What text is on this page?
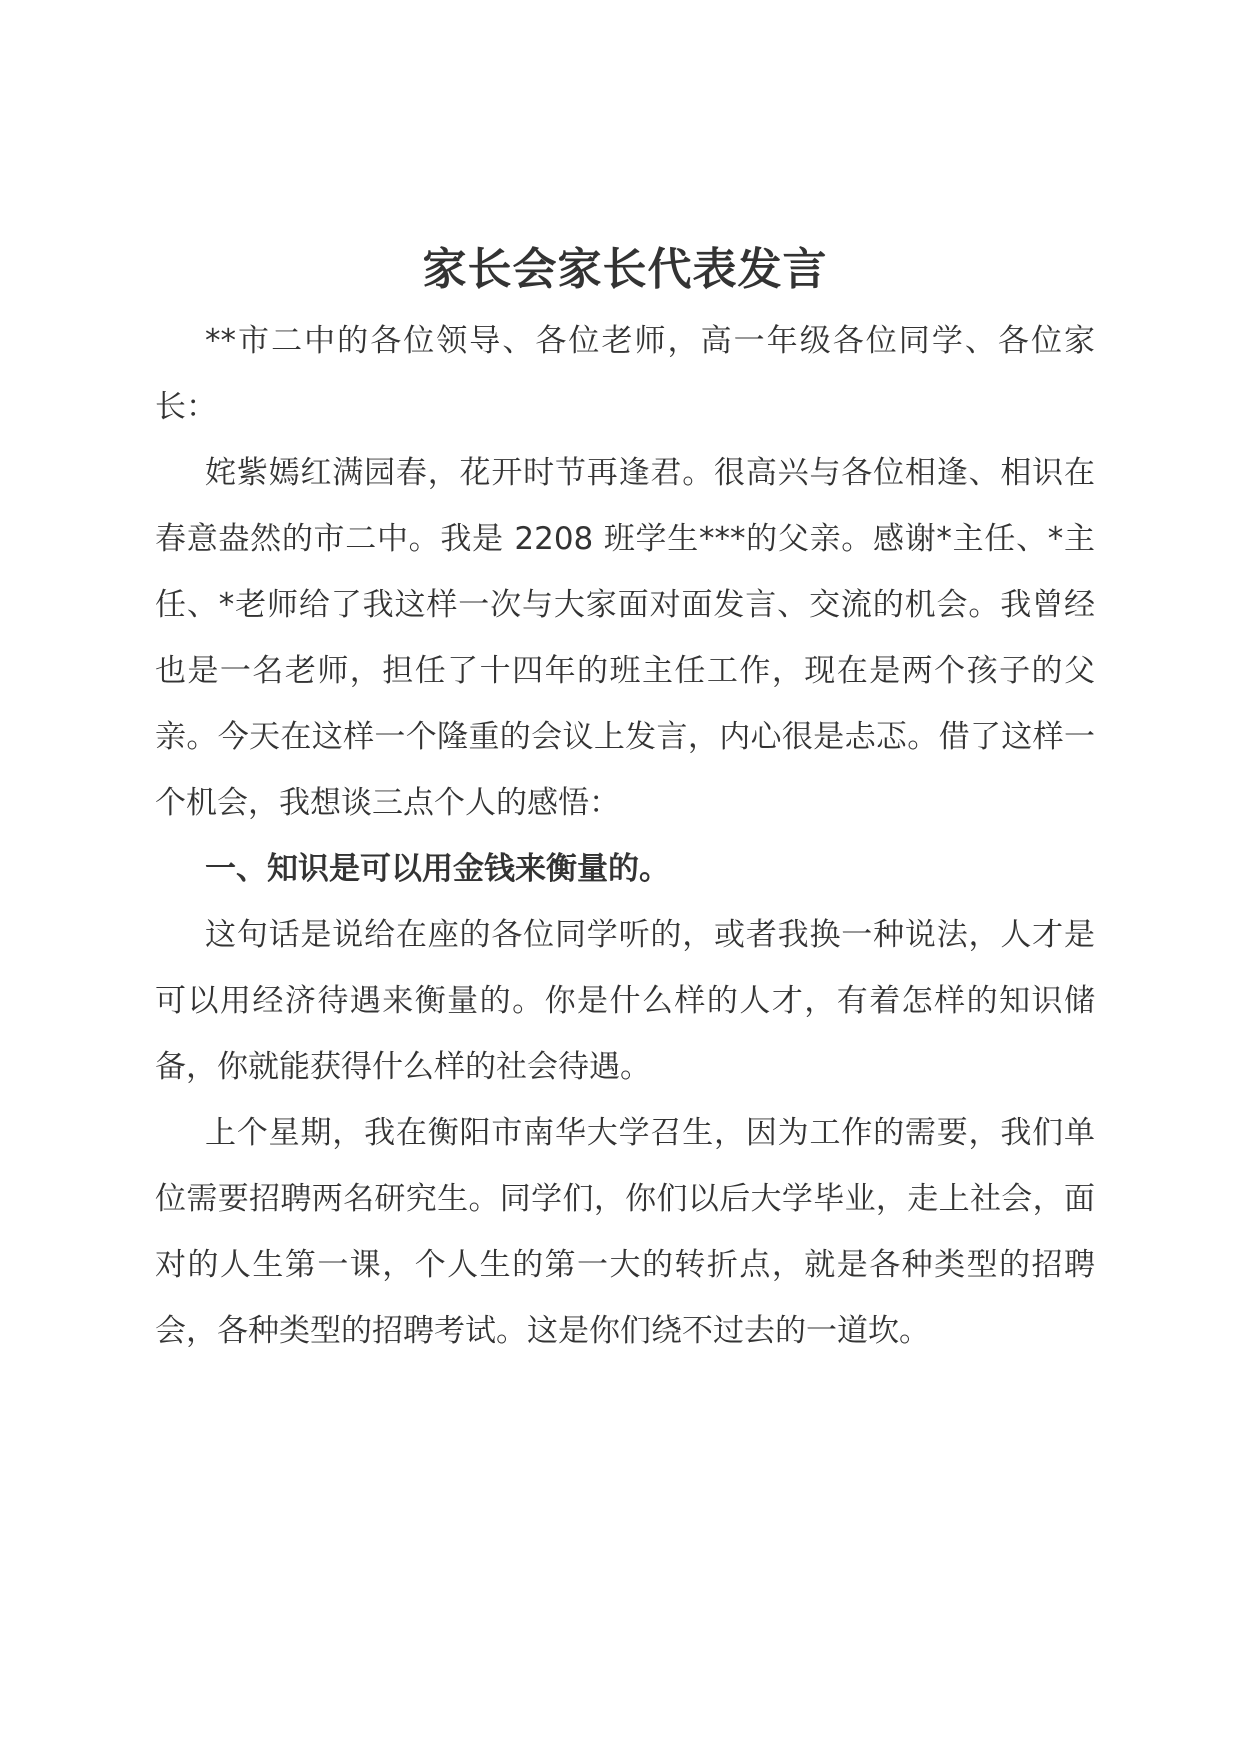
家长会家长代表发言

**市二中的各位领导、各位老师，高一年级各位同学、各位家长：

姹紫嫣红满园春，花开时节再逢君。很高兴与各位相逢、相识在春意盎然的市二中。我是 2208 班学生***的父亲。感谢*主任、*主任、*老师给了我这样一次与大家面对面发言、交流的机会。我曾经也是一名老师，担任了十四年的班主任工作，现在是两个孩子的父亲。今天在这样一个隆重的会议上发言，内心很是忐忑。借了这样一个机会，我想谈三点个人的感悟：

一、知识是可以用金钱来衡量的。

这句话是说给在座的各位同学听的，或者我换一种说法，人才是可以用经济待遇来衡量的。你是什么样的人才，有着怎样的知识储备，你就能获得什么样的社会待遇。

上个星期，我在衡阳市南华大学召生，因为工作的需要，我们单位需要招聘两名研究生。同学们，你们以后大学毕业，走上社会，面对的人生第一课，个人生的第一大的转折点，就是各种类型的招聘会，各种类型的招聘考试。这是你们绕不过去的一道坎。
